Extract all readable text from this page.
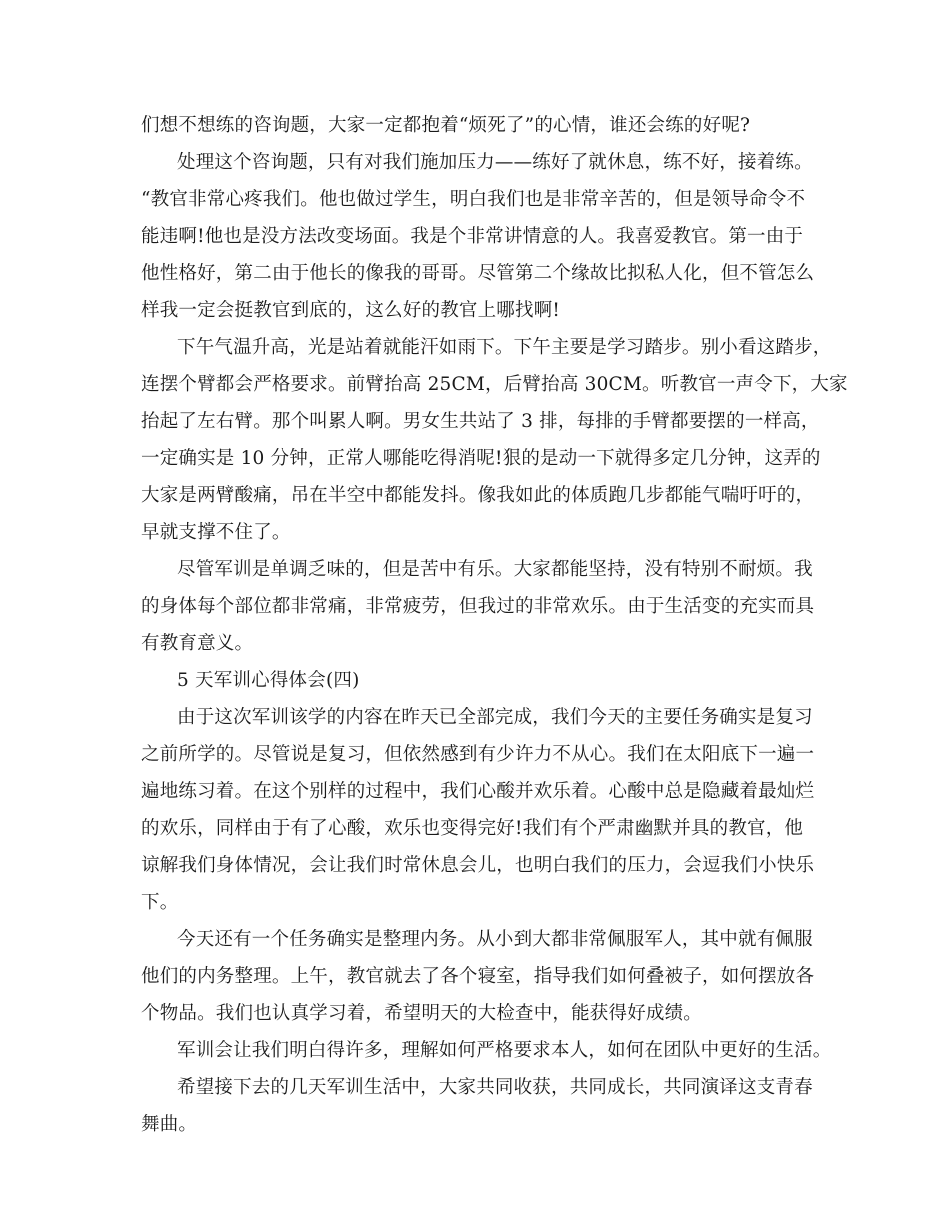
们想不想练的咨询题，大家一定都抱着“烦死了”的心情，谁还会练的好呢?
处理这个咨询题，只有对我们施加压力——练好了就休息，练不好，接着练。
“教官非常心疼我们。他也做过学生，明白我们也是非常辛苦的，但是领导命令不
能违啊!他也是没方法改变场面。我是个非常讲情意的人。我喜爱教官。第一由于
他性格好，第二由于他长的像我的哥哥。尽管第二个缘故比拟私人化，但不管怎么
样我一定会挺教官到底的，这么好的教官上哪找啊!
下午气温升高，光是站着就能汗如雨下。下午主要是学习踏步。别小看这踏步，
连摆个臂都会严格要求。前臂抬高 25CM，后臂抬高 30CM。听教官一声令下，大家
抬起了左右臂。那个叫累人啊。男女生共站了 3 排，每排的手臂都要摆的一样高，
一定确实是 10 分钟，正常人哪能吃得消呢!狠的是动一下就得多定几分钟，这弄的
大家是两臂酸痛，吊在半空中都能发抖。像我如此的体质跑几步都能气喘吁吁的，
早就支撑不住了。
尽管军训是单调乏味的，但是苦中有乐。大家都能坚持，没有特别不耐烦。我
的身体每个部位都非常痛，非常疲劳，但我过的非常欢乐。由于生活变的充实而具
有教育意义。
5 天军训心得体会(四)
由于这次军训该学的内容在昨天已全部完成，我们今天的主要任务确实是复习
之前所学的。尽管说是复习，但依然感到有少许力不从心。我们在太阳底下一遍一
遍地练习着。在这个别样的过程中，我们心酸并欢乐着。心酸中总是隐藏着最灿烂
的欢乐，同样由于有了心酸，欢乐也变得完好!我们有个严肃幽默并具的教官，他
谅解我们身体情况，会让我们时常休息会儿，也明白我们的压力，会逗我们小快乐
下。
今天还有一个任务确实是整理内务。从小到大都非常佩服军人，其中就有佩服
他们的内务整理。上午，教官就去了各个寝室，指导我们如何叠被子，如何摆放各
个物品。我们也认真学习着，希望明天的大检查中，能获得好成绩。
军训会让我们明白得许多，理解如何严格要求本人，如何在团队中更好的生活。
希望接下去的几天军训生活中，大家共同收获，共同成长，共同演译这支青春
舞曲。
